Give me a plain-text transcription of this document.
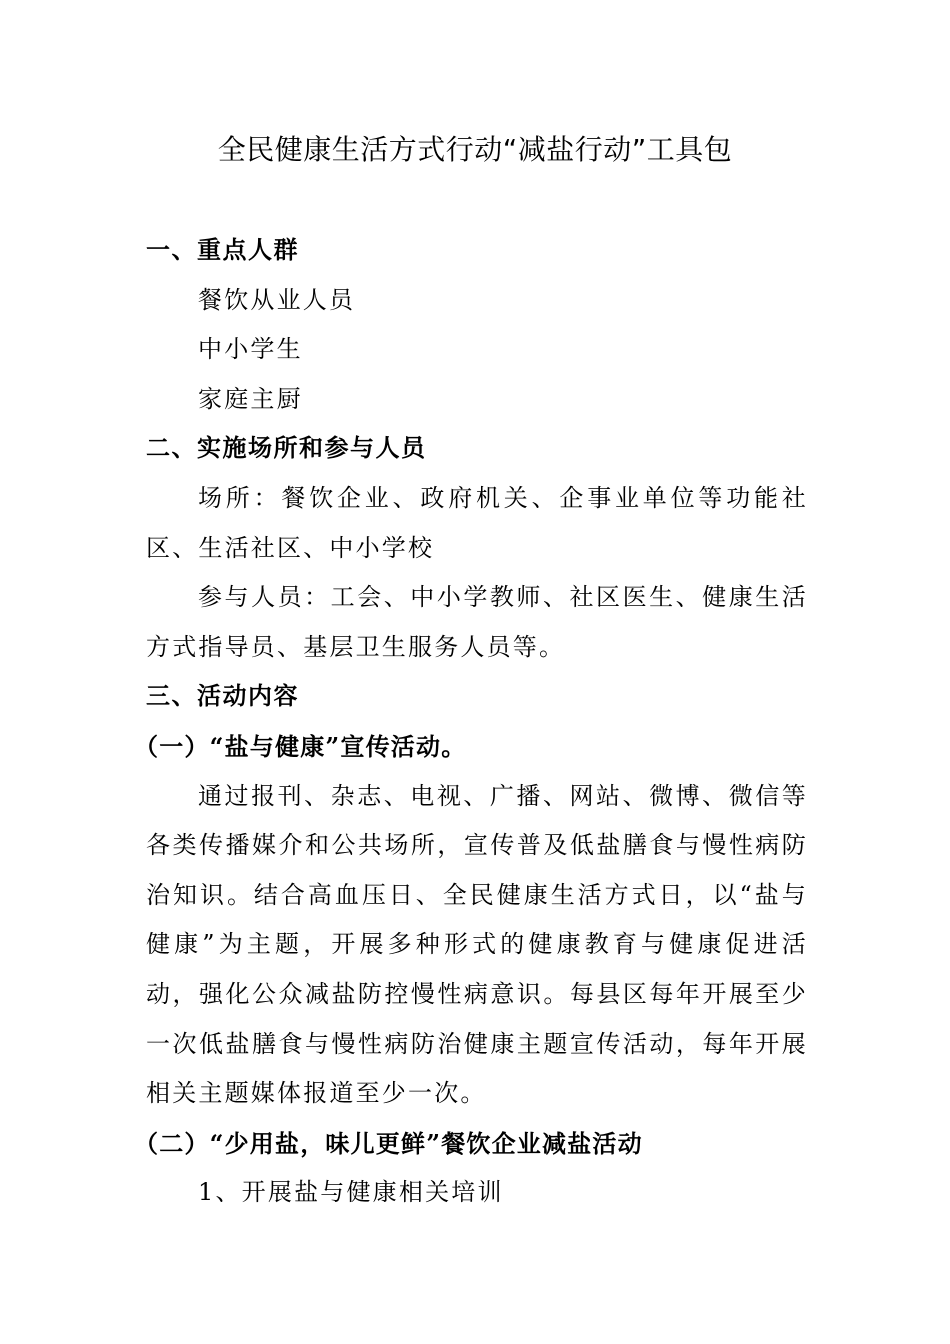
全民健康生活方式行动“减盐行动”工具包

一、重点人群

餐饮从业人员

中小学生

家庭主厨

二、实施场所和参与人员

场所：餐饮企业、政府机关、企事业单位等功能社区、生活社区、中小学校

参与人员：工会、中小学教师、社区医生、健康生活方式指导员、基层卫生服务人员等。

三、活动内容

（一）“盐与健康”宣传活动。

通过报刊、杂志、电视、广播、网站、微博、微信等各类传播媒介和公共场所，宣传普及低盐膳食与慢性病防治知识。结合高血压日、全民健康生活方式日，以“盐与健康”为主题，开展多种形式的健康教育与健康促进活动，强化公众减盐防控慢性病意识。每县区每年开展至少一次低盐膳食与慢性病防治健康主题宣传活动，每年开展相关主题媒体报道至少一次。

（二）“少用盐，味儿更鲜”餐饮企业减盐活动

1、开展盐与健康相关培训
